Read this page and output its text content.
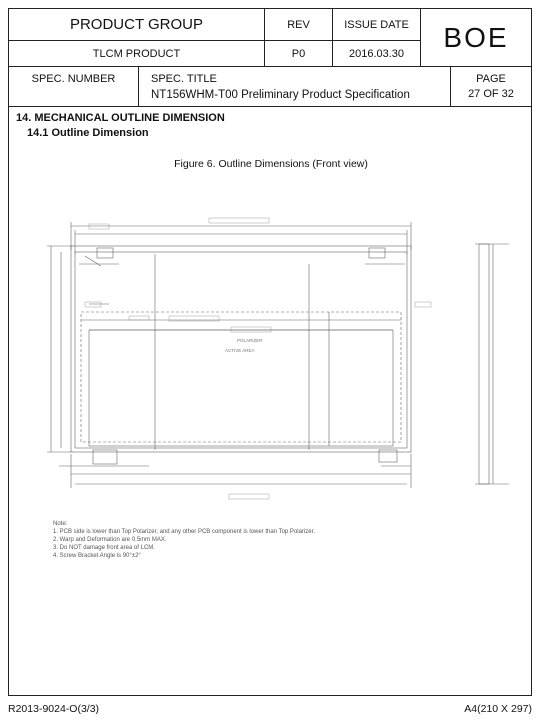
PRODUCT GROUP	REV	ISSUE DATE
TLCM PRODUCT	P0	2016.03.30
BOE
SPEC. NUMBER	SPEC. TITLE
NT156WHM-T00 Preliminary Product Specification
PAGE
27 OF 32
14. MECHANICAL OUTLINE DIMENSION
14.1 Outline Dimension
Figure 6. Outline Dimensions (Front view)
ACTIVE AREA
POLARIZER
Note:
1. PCB side is lower than Top Polarizer, and any other PCB component is lower than Top Polarizer.
2. Warp and Deformation are 0.5mm MAX.
3. Do NOT damage front area of LCM.
4. Screw Bracket Angle is 90°±2°
R2013-9024-O(3/3)	A4(210 X 297)
